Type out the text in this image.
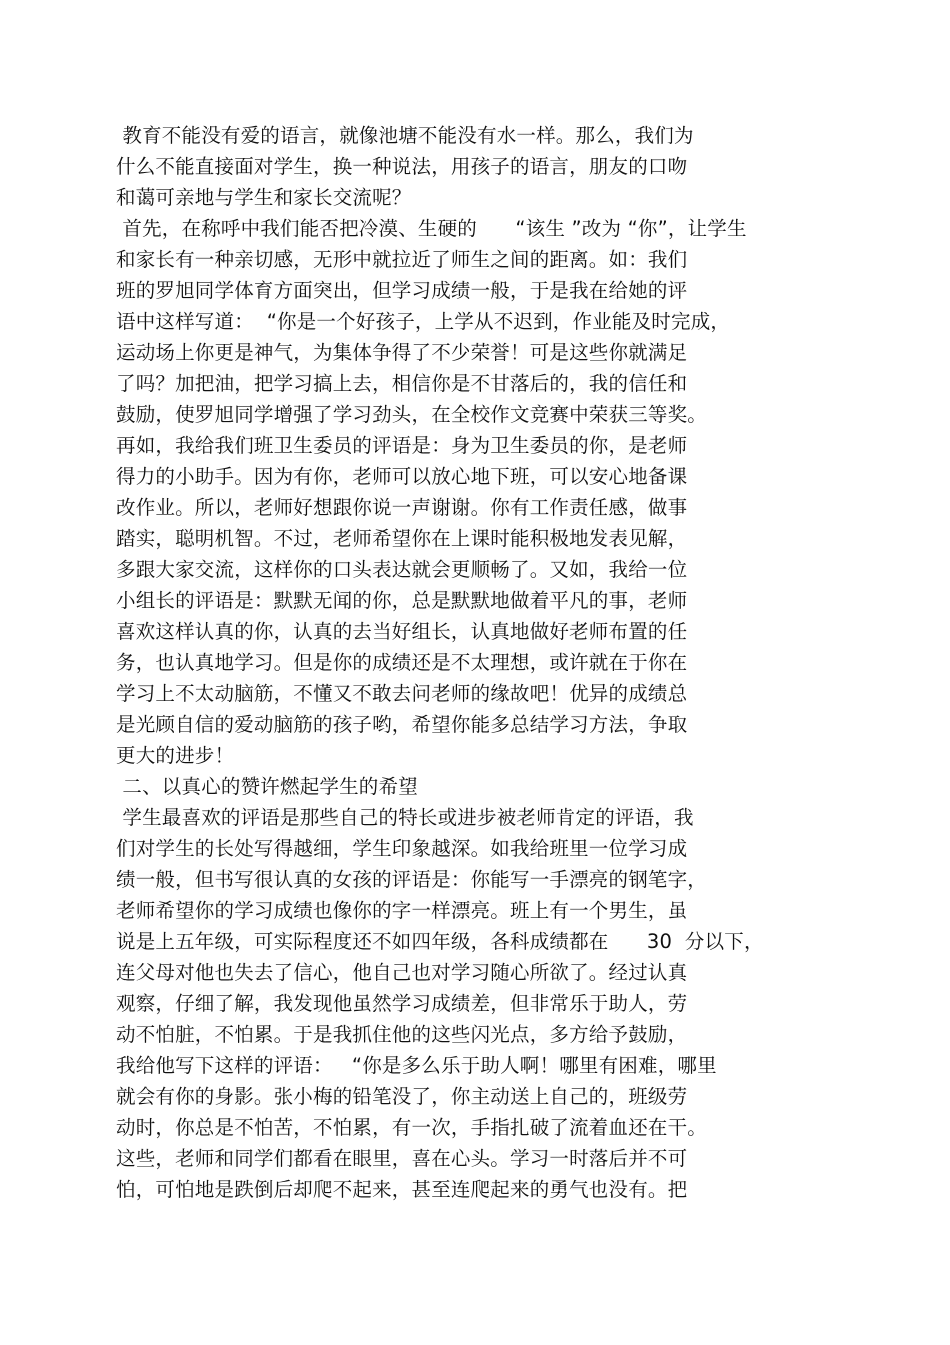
教育不能没有爱的语言，就像池塘不能没有水一样。那么，我们为
什么不能直接面对学生，换一种说法，用孩子的语言，朋友的口吻
和蔼可亲地与学生和家长交流呢？
首先，在称呼中我们能否把冷漠、生硬的      “该生 ”改为 “你”，让学生
和家长有一种亲切感，无形中就拉近了师生之间的距离。如：我们
班的罗旭同学体育方面突出，但学习成绩一般，于是我在给她的评
语中这样写道：  “你是一个好孩子，上学从不迟到，作业能及时完成，
运动场上你更是神气，为集体争得了不少荣誉！可是这些你就满足
了吗？加把油，把学习搞上去，相信你是不甘落后的，我的信任和
鼓励，使罗旭同学增强了学习劲头，在全校作文竞赛中荣获三等奖。
再如，我给我们班卫生委员的评语是：身为卫生委员的你，是老师
得力的小助手。因为有你，老师可以放心地下班，可以安心地备课
改作业。所以，老师好想跟你说一声谢谢。你有工作责任感，做事
踏实，聪明机智。不过，老师希望你在上课时能积极地发表见解，
多跟大家交流，这样你的口头表达就会更顺畅了。又如，我给一位
小组长的评语是：默默无闻的你，总是默默地做着平凡的事，老师
喜欢这样认真的你，认真的去当好组长，认真地做好老师布置的任
务，也认真地学习。但是你的成绩还是不太理想，或许就在于你在
学习上不太动脑筋，不懂又不敢去问老师的缘故吧！优异的成绩总
是光顾自信的爱动脑筋的孩子哟，希望你能多总结学习方法，争取
更大的进步！
二、以真心的赞许燃起学生的希望
学生最喜欢的评语是那些自己的特长或进步被老师肯定的评语，我
们对学生的长处写得越细，学生印象越深。如我给班里一位学习成
绩一般，但书写很认真的女孩的评语是：你能写一手漂亮的钢笔字，
老师希望你的学习成绩也像你的字一样漂亮。班上有一个男生，虽
说是上五年级，可实际程度还不如四年级，各科成绩都在      30  分以下，
连父母对他也失去了信心，他自己也对学习随心所欲了。经过认真
观察，仔细了解，我发现他虽然学习成绩差，但非常乐于助人，劳
动不怕脏，不怕累。于是我抓住他的这些闪光点，多方给予鼓励，
我给他写下这样的评语：   “你是多么乐于助人啊！哪里有困难，哪里
就会有你的身影。张小梅的铅笔没了，你主动送上自己的，班级劳
动时，你总是不怕苦，不怕累，有一次，手指扎破了流着血还在干。
这些，老师和同学们都看在眼里，喜在心头。学习一时落后并不可
怕，可怕地是跌倒后却爬不起来，甚至连爬起来的勇气也没有。把
